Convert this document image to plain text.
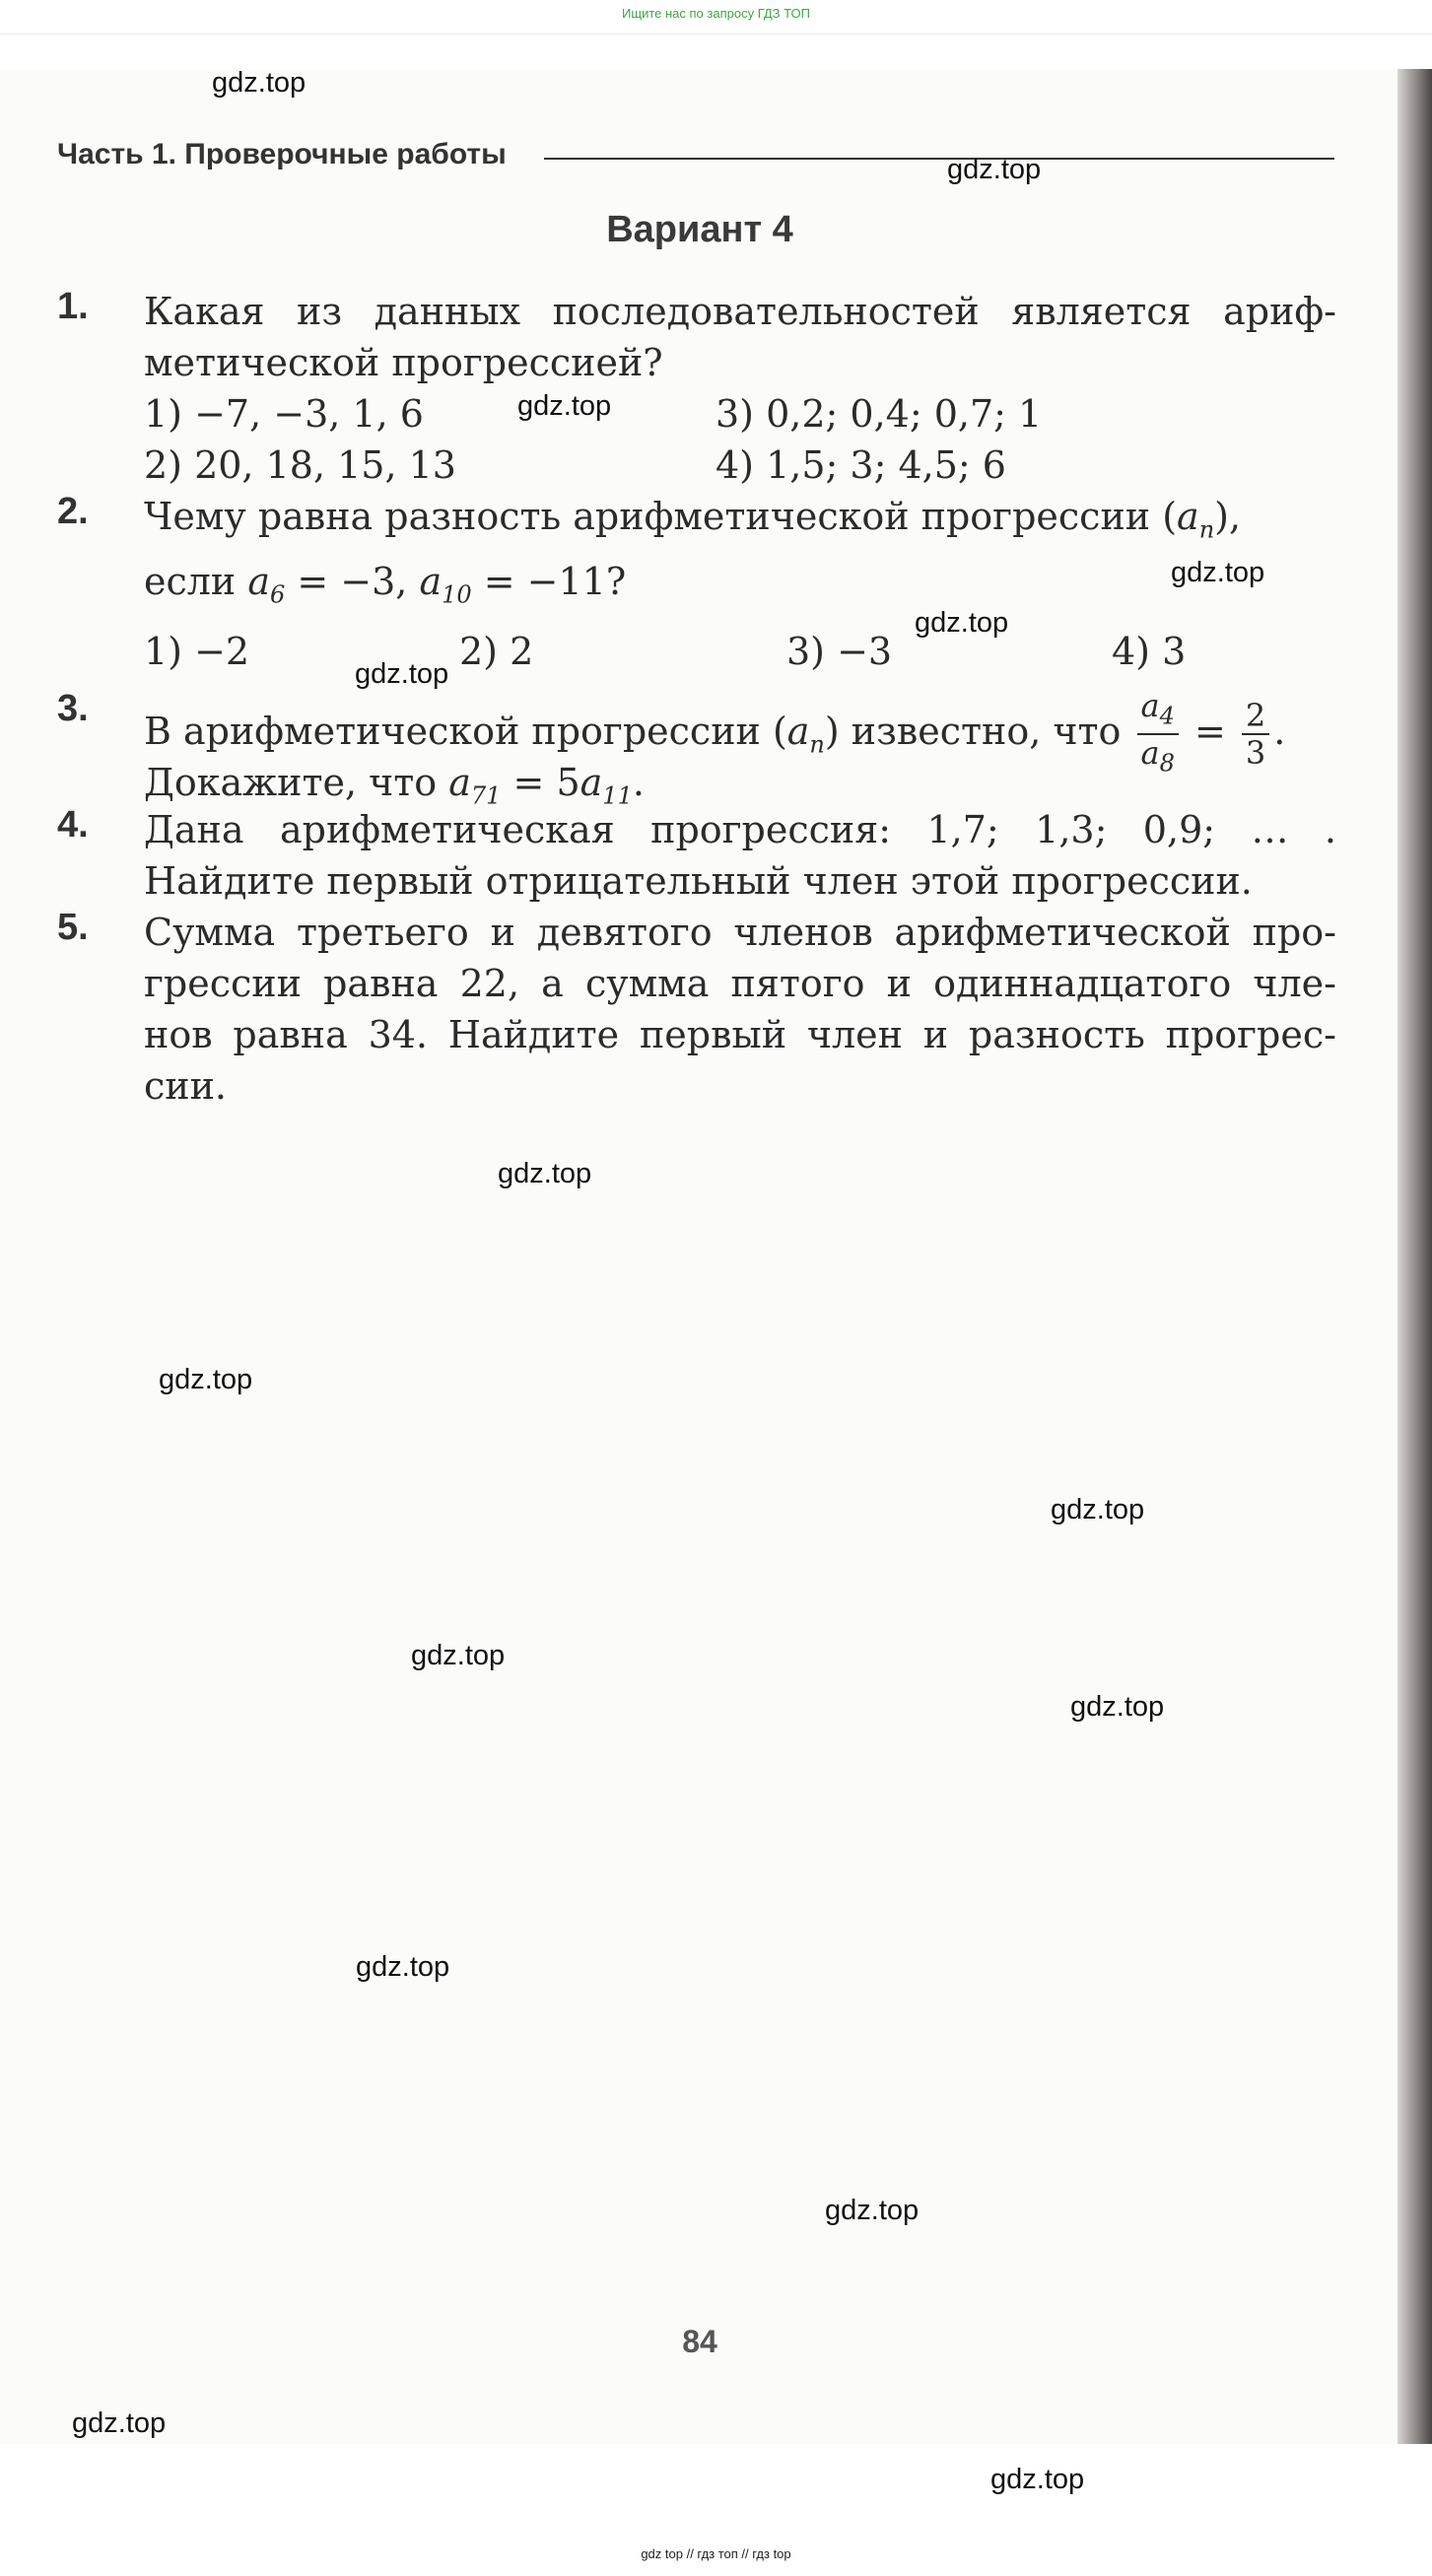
Ищите нас по запросу ГДЗ ТОП
Часть 1. Проверочные работы
Вариант 4
1. Какая из данных последовательностей является ариф-
метической прогрессией?
1) −7, −3, 1, 6	3) 0,2; 0,4; 0,7; 1
2) 20, 18, 15, 13	4) 1,5; 3; 4,5; 6
2. Чему равна разность арифметической прогрессии $(a_n)$,
если $a_6 = -3$, $a_{10} = -11$?
1) −2	2) 2	3) −3	4) 3
3.
В арифметической прогрессии $(a_n)$ известно, что $\frac{a_4}{a_8} = \frac{2}{3}$ .
Докажите, что $a_{71} = 5a_{11}$.
4. Дана арифметическая прогрессия: 1,7; 1,3; 0,9; … .
Найдите первый отрицательный член этой прогрессии.
5. Сумма третьего и девятого членов арифметической про-
грессии равна 22, а сумма пятого и одиннадцатого чле-
нов равна 34. Найдите первый член и разность прогрес-
сии.
84
gdz.top
gdz.top
gdz.top
gdz.top
gdz.top
gdz.top
gdz.top
gdz.top
gdz.top
gdz.top
gdz.top
gdz.top
gdz.top
gdz.top
gdz.top
gdz top // гдз топ // гдз top
